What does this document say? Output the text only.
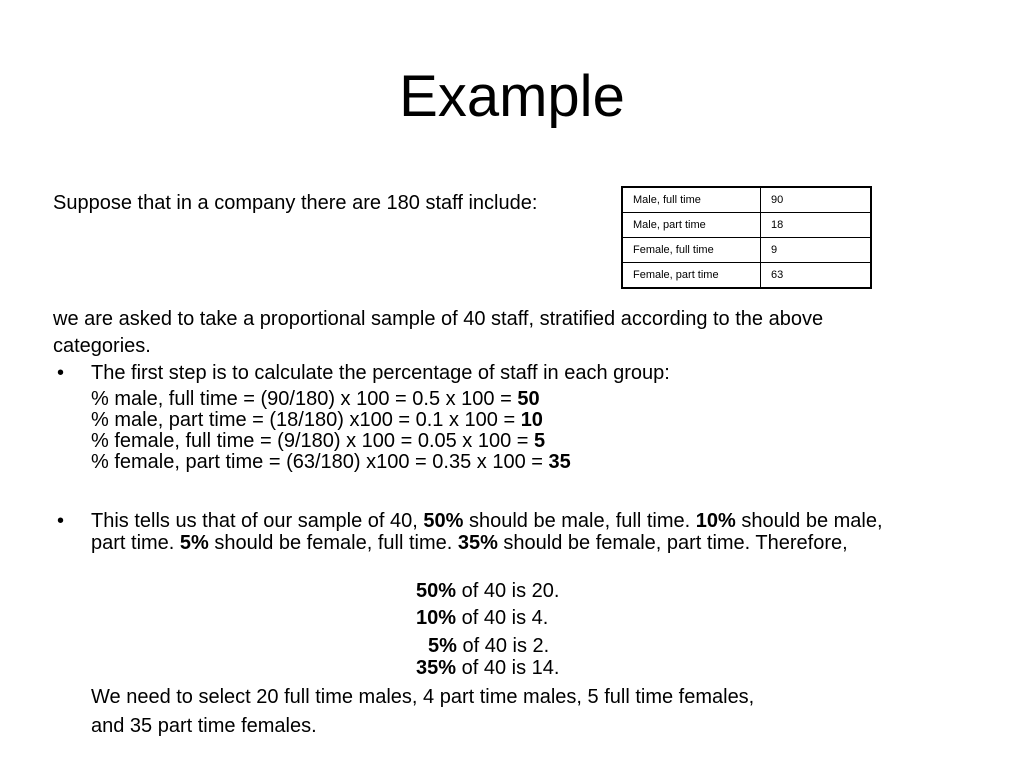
Example
Suppose that in a company there are 180 staff include:	Male, full time	90
Male, part time	18
Female, full time	9
Female, part time	63
we are asked to take a proportional sample of 40 staff, stratified according to the above categories.
• The first step is to calculate the percentage of staff in each group:
% male, full time = (90/180) x 100 = 0.5 x 100 = 50
% male, part time = (18/180) x100 = 0.1 x 100 = 10
% female, full time = (9/180) x 100 = 0.05 x 100 = 5
% female, part time = (63/180) x100 = 0.35 x 100 = 35
• This tells us that of our sample of 40, 50% should be male, full time. 10% should be male, part time. 5% should be female, full time. 35% should be female, part time. Therefore,
50% of 40 is 20.
10% of 40 is 4.
5% of 40 is 2.
35% of 40 is 14.
We need to select 20 full time males, 4 part time males, 5 full time females,
and 35 part time females.
